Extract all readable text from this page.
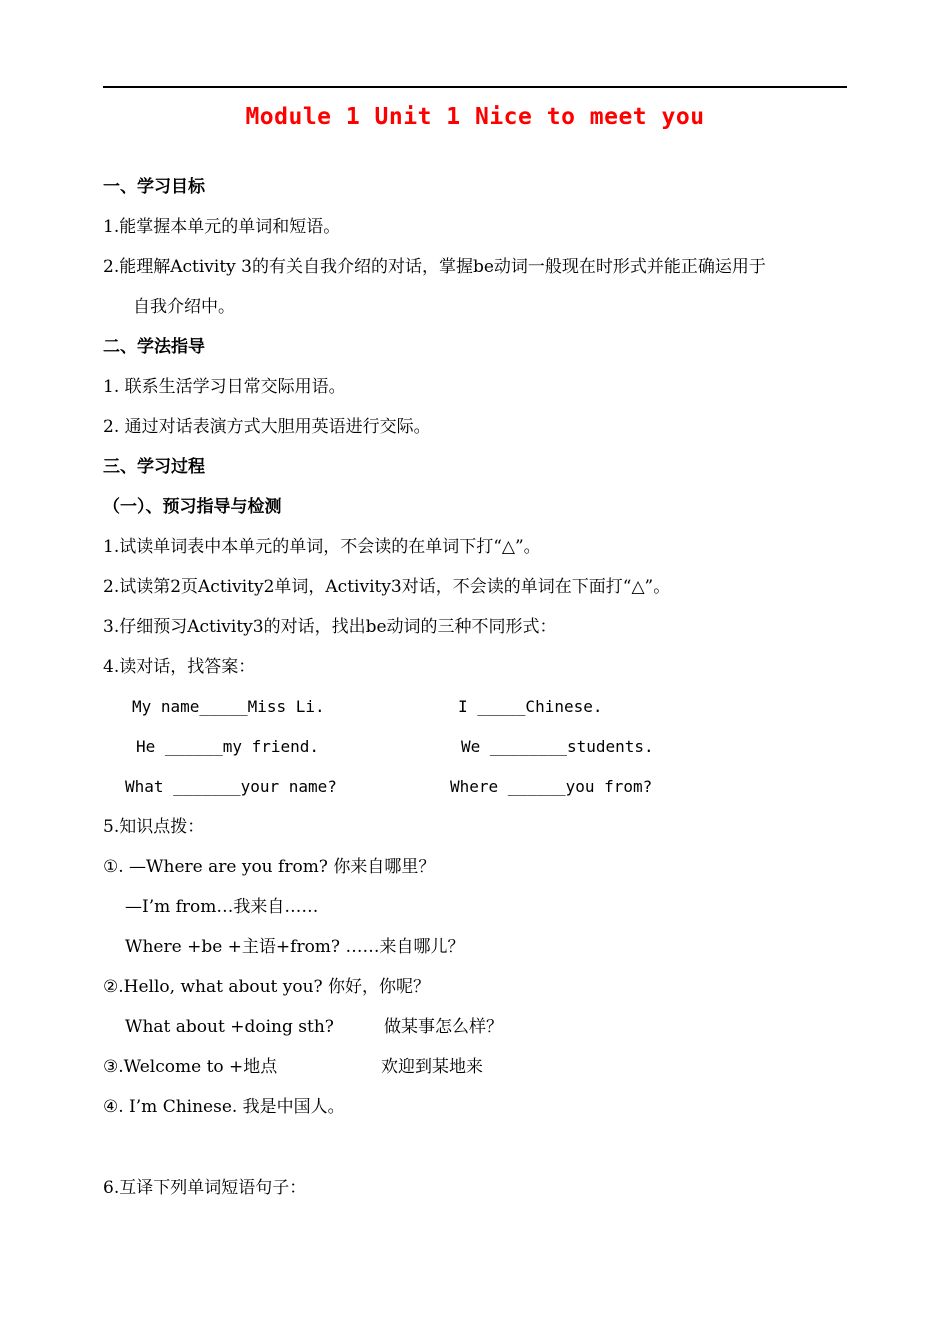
Module 1 Unit 1 Nice to meet you
一、学习目标
1.能掌握本单元的单词和短语。
2.能理解Activity 3的有关自我介绍的对话，掌握be动词一般现在时形式并能正确运用于
自我介绍中。
二、学法指导
1. 联系生活学习日常交际用语。
2. 通过对话表演方式大胆用英语进行交际。
三、学习过程
（一）、预习指导与检测
1.试读单词表中本单元的单词，不会读的在单词下打“△”。
2.试读第2页Activity2单词，Activity3对话，不会读的单词在下面打“△”。
3.仔细预习Activity3的对话，找出be动词的三种不同形式：
4.读对话，找答案：
My name_____Miss Li.	I _____Chinese.
He ______my friend.	We ________students.
What _______your name?	Where ______you from?
5.知识点拨：
①. —Where are you from? 你来自哪里？
—I’m from…我来自……
Where +be +主语+from? ……来自哪儿？
②.Hello, what about you? 你好，你呢？
What about +doing sth?	做某事怎么样？
③.Welcome to +地点	欢迎到某地来
④. I’m Chinese. 我是中国人。
6.互译下列单词短语句子：
